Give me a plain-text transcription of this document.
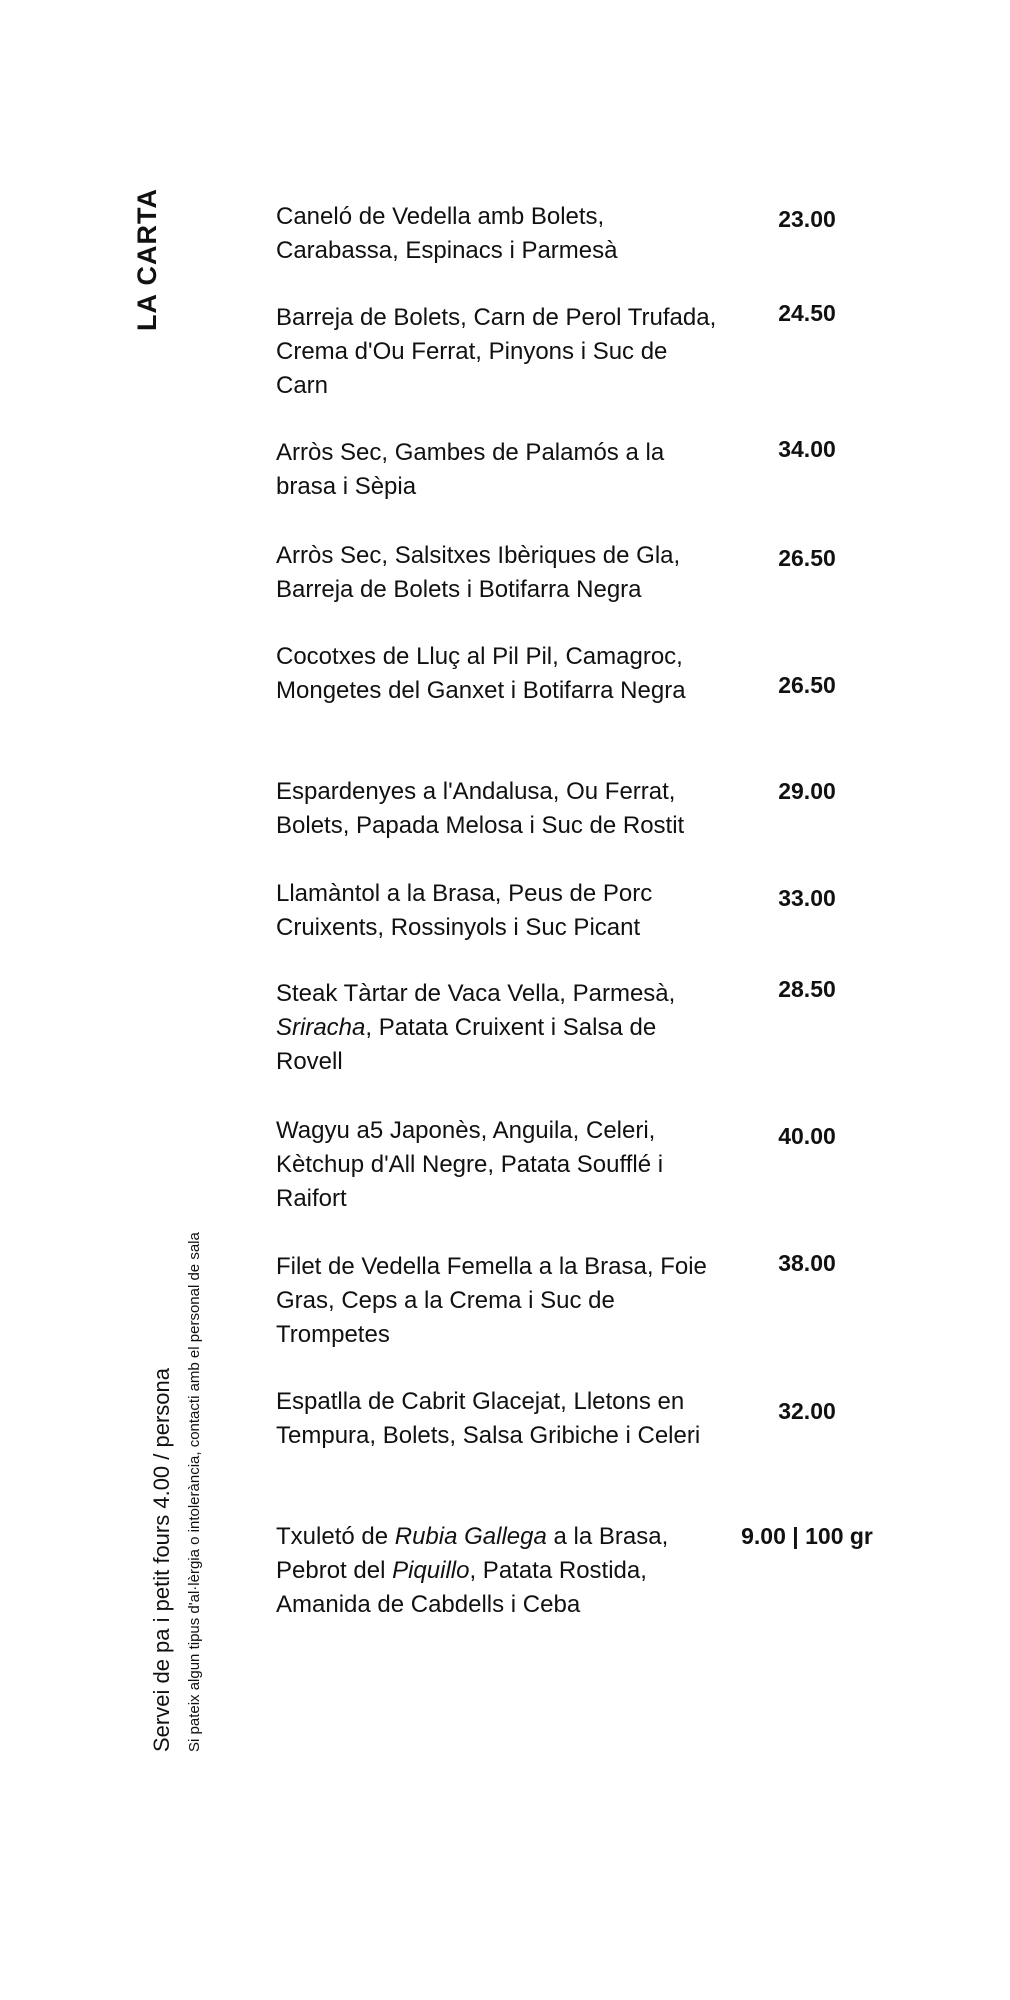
LA CARTA
Servei de pa i petit fours 4.00 / persona Si pateix algun tipus d'al·lèrgia o intolerància, contacti amb el personal de sala
Caneló de Vedella amb Bolets, Carabassa, Espinacs i Parmesà
23.00
Barreja de Bolets, Carn de Perol Trufada, Crema d'Ou Ferrat, Pinyons i Suc de Carn
24.50
Arròs Sec, Gambes de Palamós a la brasa i Sèpia
34.00
Arròs Sec, Salsitxes Ibèriques de Gla, Barreja de Bolets i Botifarra Negra
26.50
Cocotxes de Lluç al Pil Pil, Camagroc, Mongetes del Ganxet i Botifarra Negra	26.50
Espardenyes a l'Andalusa, Ou Ferrat, Bolets, Papada Melosa i Suc de Rostit
29.00
Llamàntol a la Brasa, Peus de Porc Cruixents, Rossinyols i Suc Picant
33.00
Steak Tàrtar de Vaca Vella, Parmesà, Sriracha, Patata Cruixent i Salsa de Rovell
28.50
Wagyu a5 Japonès, Anguila, Celeri, Kètchup d'All Negre, Patata Soufflé i Raifort
40.00
Filet de Vedella Femella a la Brasa, Foie Gras, Ceps a la Crema i Suc de Trompetes
38.00
Espatlla de Cabrit Glacejat, Lletons en Tempura, Bolets, Salsa Gribiche i Celeri
32.00
Txuletó de Rubia Gallega a la Brasa, Pebrot del Piquillo, Patata Rostida, Amanida de Cabdells i Ceba
9.00 | 100 gr
